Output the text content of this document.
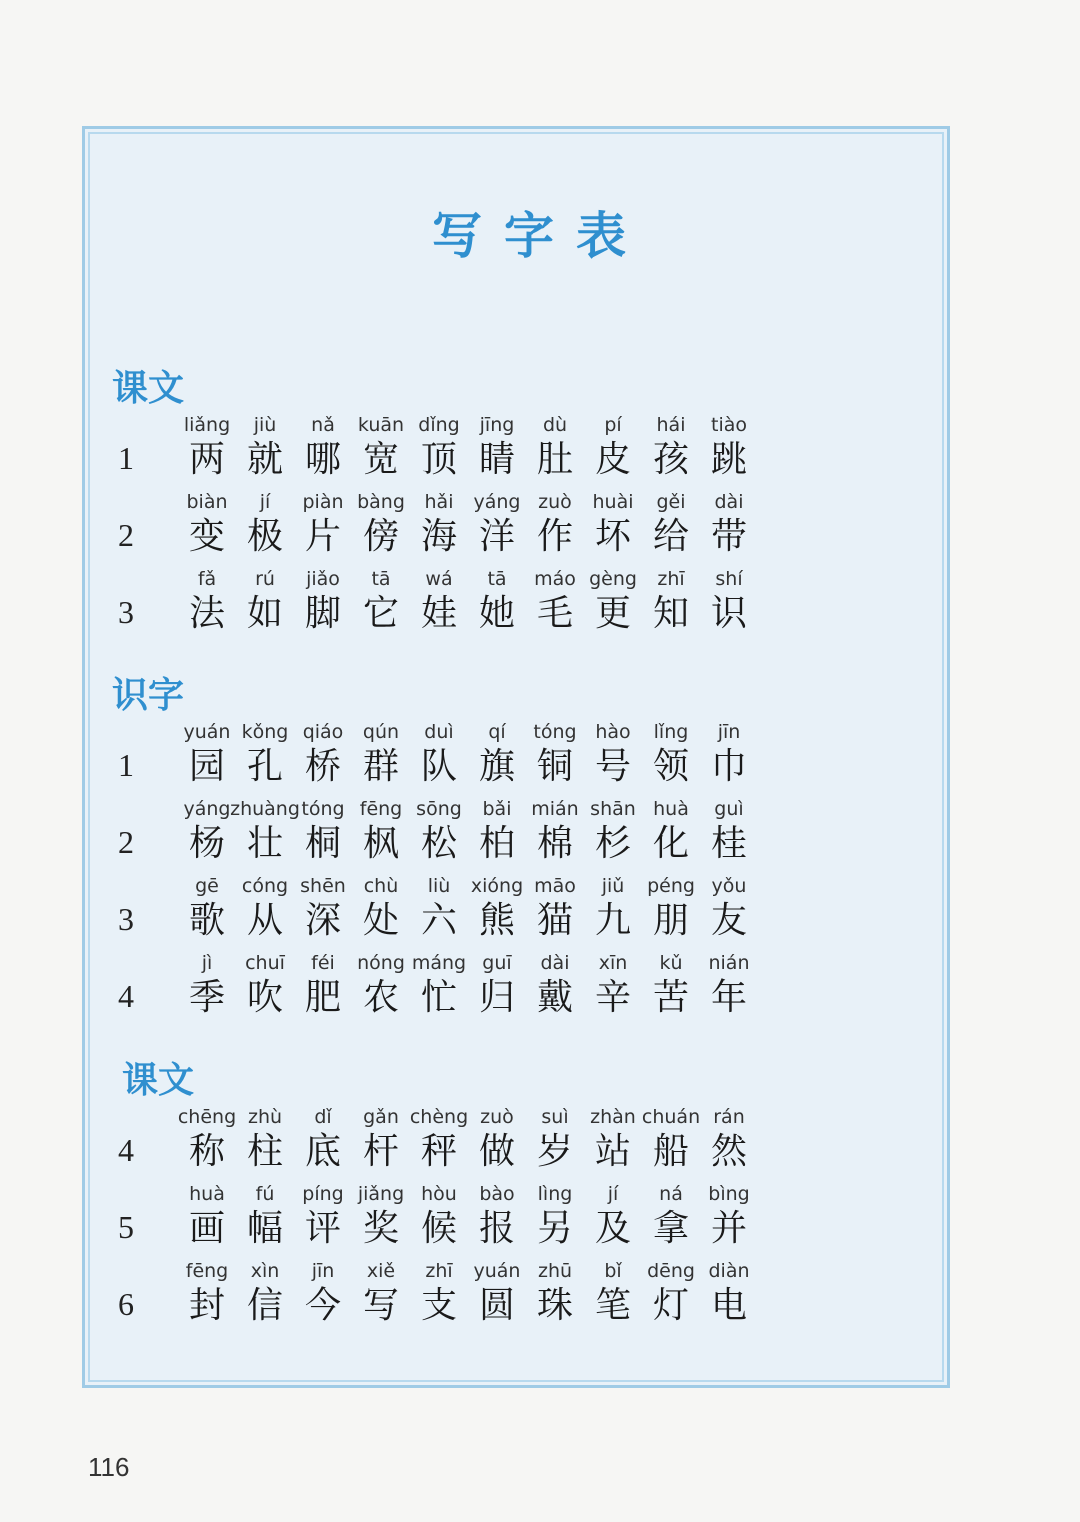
写字表
课文
1
liǎng
两
jiù
就
nǎ
哪
kuān
宽
dǐng
顶
jīng
睛
dù
肚
pí
皮
hái
孩
tiào
跳
2
biàn
变
jí
极
piàn
片
bàng
傍
hǎi
海
yáng
洋
zuò
作
huài
坏
gěi
给
dài
带
3
fǎ
法
rú
如
jiǎo
脚
tā
它
wá
娃
tā
她
máo
毛
gèng
更
zhī
知
shí
识
识字
1
yuán
园
kǒng
孔
qiáo
桥
qún
群
duì
队
qí
旗
tóng
铜
hào
号
lǐng
领
jīn
巾
2
yáng
杨
zhuàng
壮
tóng
桐
fēng
枫
sōng
松
bǎi
柏
mián
棉
shān
杉
huà
化
guì
桂
3
gē
歌
cóng
从
shēn
深
chù
处
liù
六
xióng
熊
māo
猫
jiǔ
九
péng
朋
yǒu
友
4
jì
季
chuī
吹
féi
肥
nóng
农
máng
忙
guī
归
dài
戴
xīn
辛
kǔ
苦
nián
年
课文
4
chēng
称
zhù
柱
dǐ
底
gǎn
杆
chèng
秤
zuò
做
suì
岁
zhàn
站
chuán
船
rán
然
5
huà
画
fú
幅
píng
评
jiǎng
奖
hòu
候
bào
报
lìng
另
jí
及
ná
拿
bìng
并
6
fēng
封
xìn
信
jīn
今
xiě
写
zhī
支
yuán
圆
zhū
珠
bǐ
笔
dēng
灯
diàn
电
116
